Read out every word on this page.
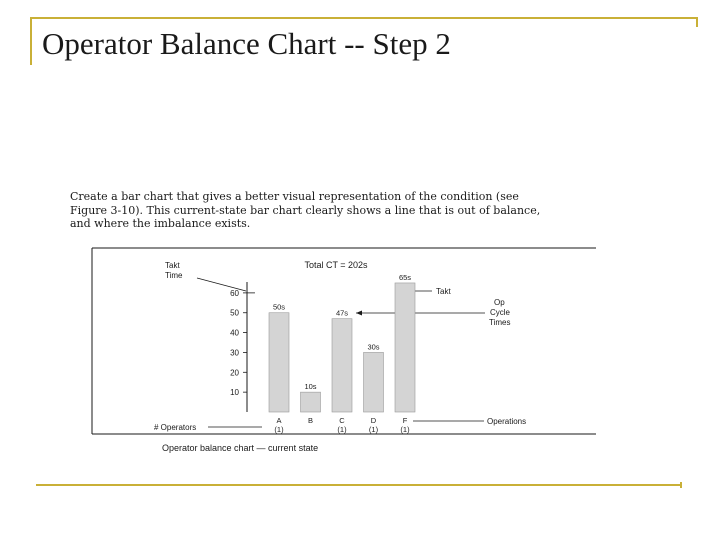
Operator Balance Chart -- Step 2
Create a bar chart that gives a better visual representation of the condition (see
Figure 3-10). This current-state bar chart clearly shows a line that is out of balance,
and where the imbalance exists.
Total CT = 202s
Takt
Time
Takt
Op
Cycle
Times
# Operators
Operations
Operator balance chart — current state
10
20
30
40
50
60
50s
A
(1)
10s
B
47s
C
(1)
30s
D
(1)
65s
F
(1)
